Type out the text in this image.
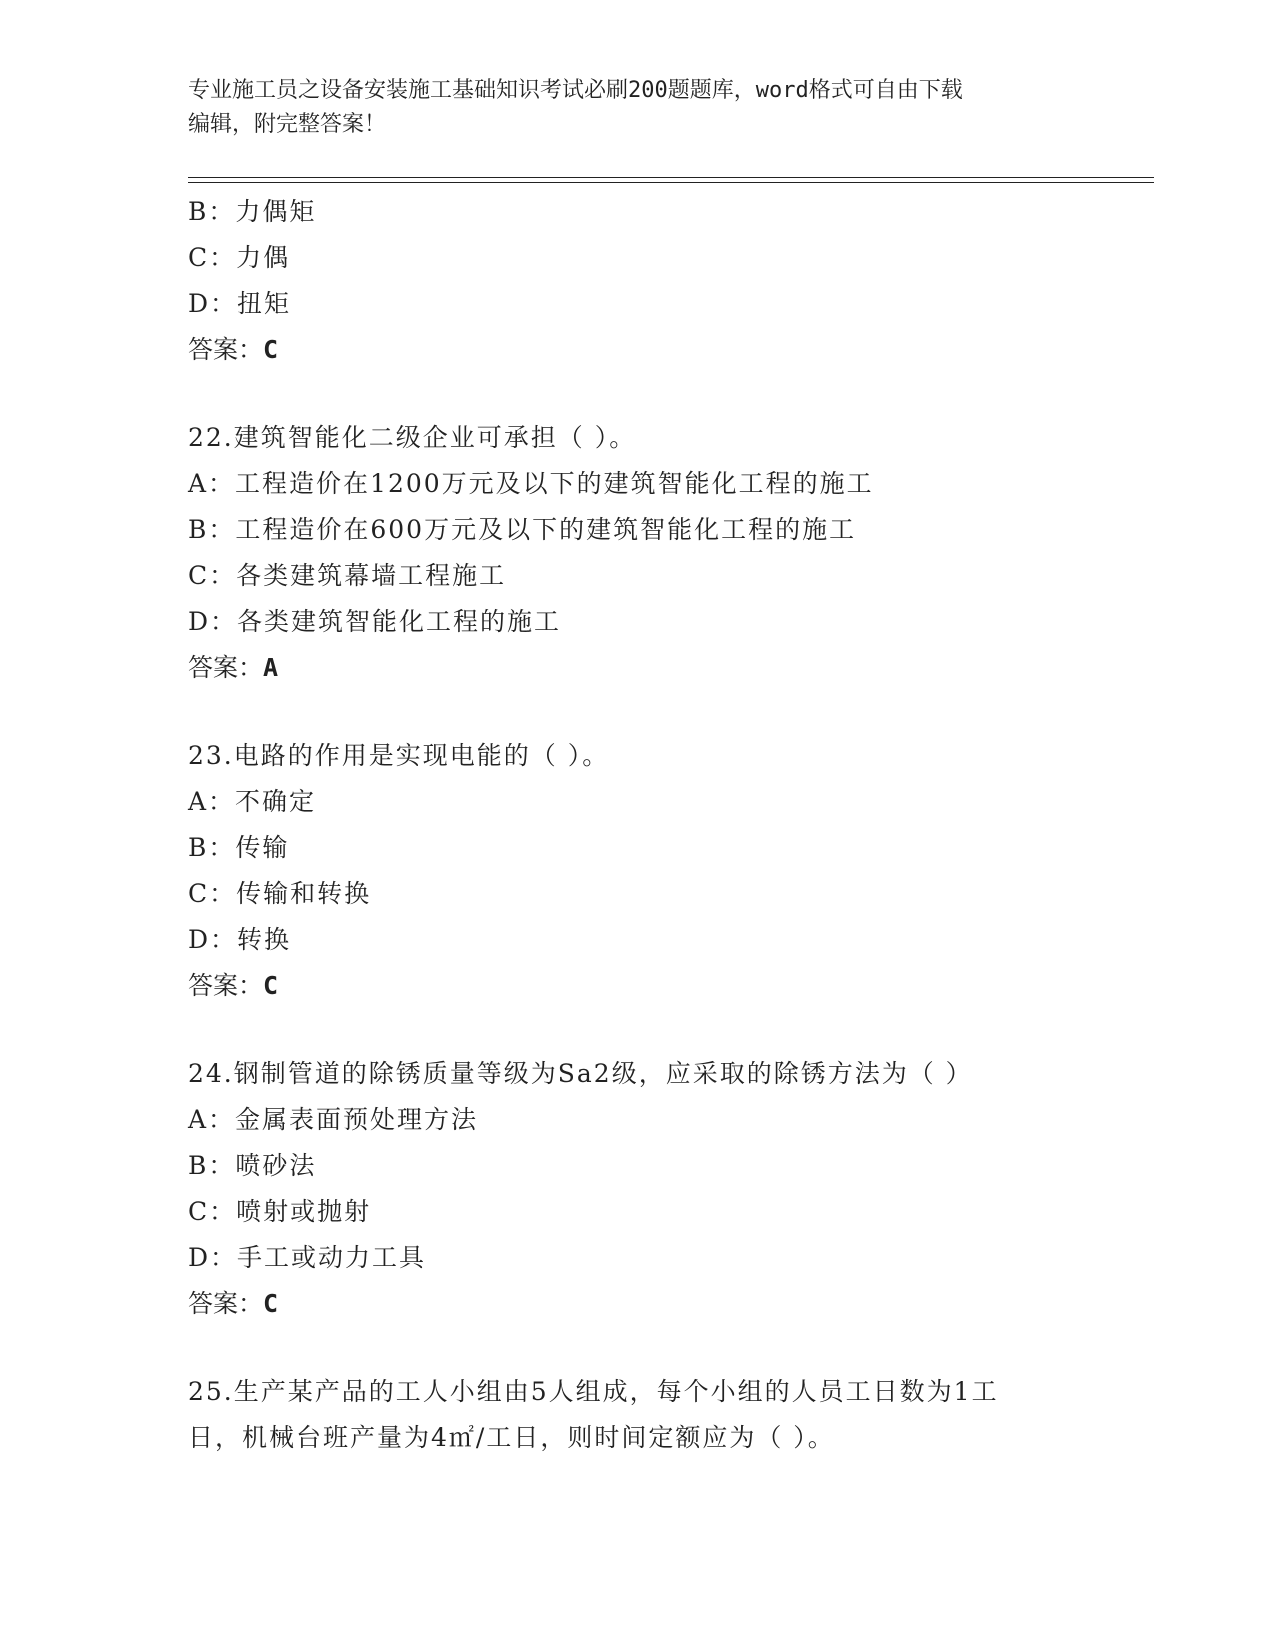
专业施工员之设备安装施工基础知识考试必刷200题题库，word格式可自由下载
编辑，附完整答案！
B：力偶矩
C：力偶
D：扭矩
答案：C
22.建筑智能化二级企业可承担（ ）。
A：工程造价在1200万元及以下的建筑智能化工程的施工
B：工程造价在600万元及以下的建筑智能化工程的施工
C：各类建筑幕墙工程施工
D：各类建筑智能化工程的施工
答案：A
23.电路的作用是实现电能的（ ）。
A：不确定
B：传输
C：传输和转换
D：转换
答案：C
24.钢制管道的除锈质量等级为Sa2级，应采取的除锈方法为（ ）
A：金属表面预处理方法
B：喷砂法
C：喷射或抛射
D：手工或动力工具
答案：C
25.生产某产品的工人小组由5人组成，每个小组的人员工日数为1工
日，机械台班产量为4㎡/工日，则时间定额应为（ ）。
